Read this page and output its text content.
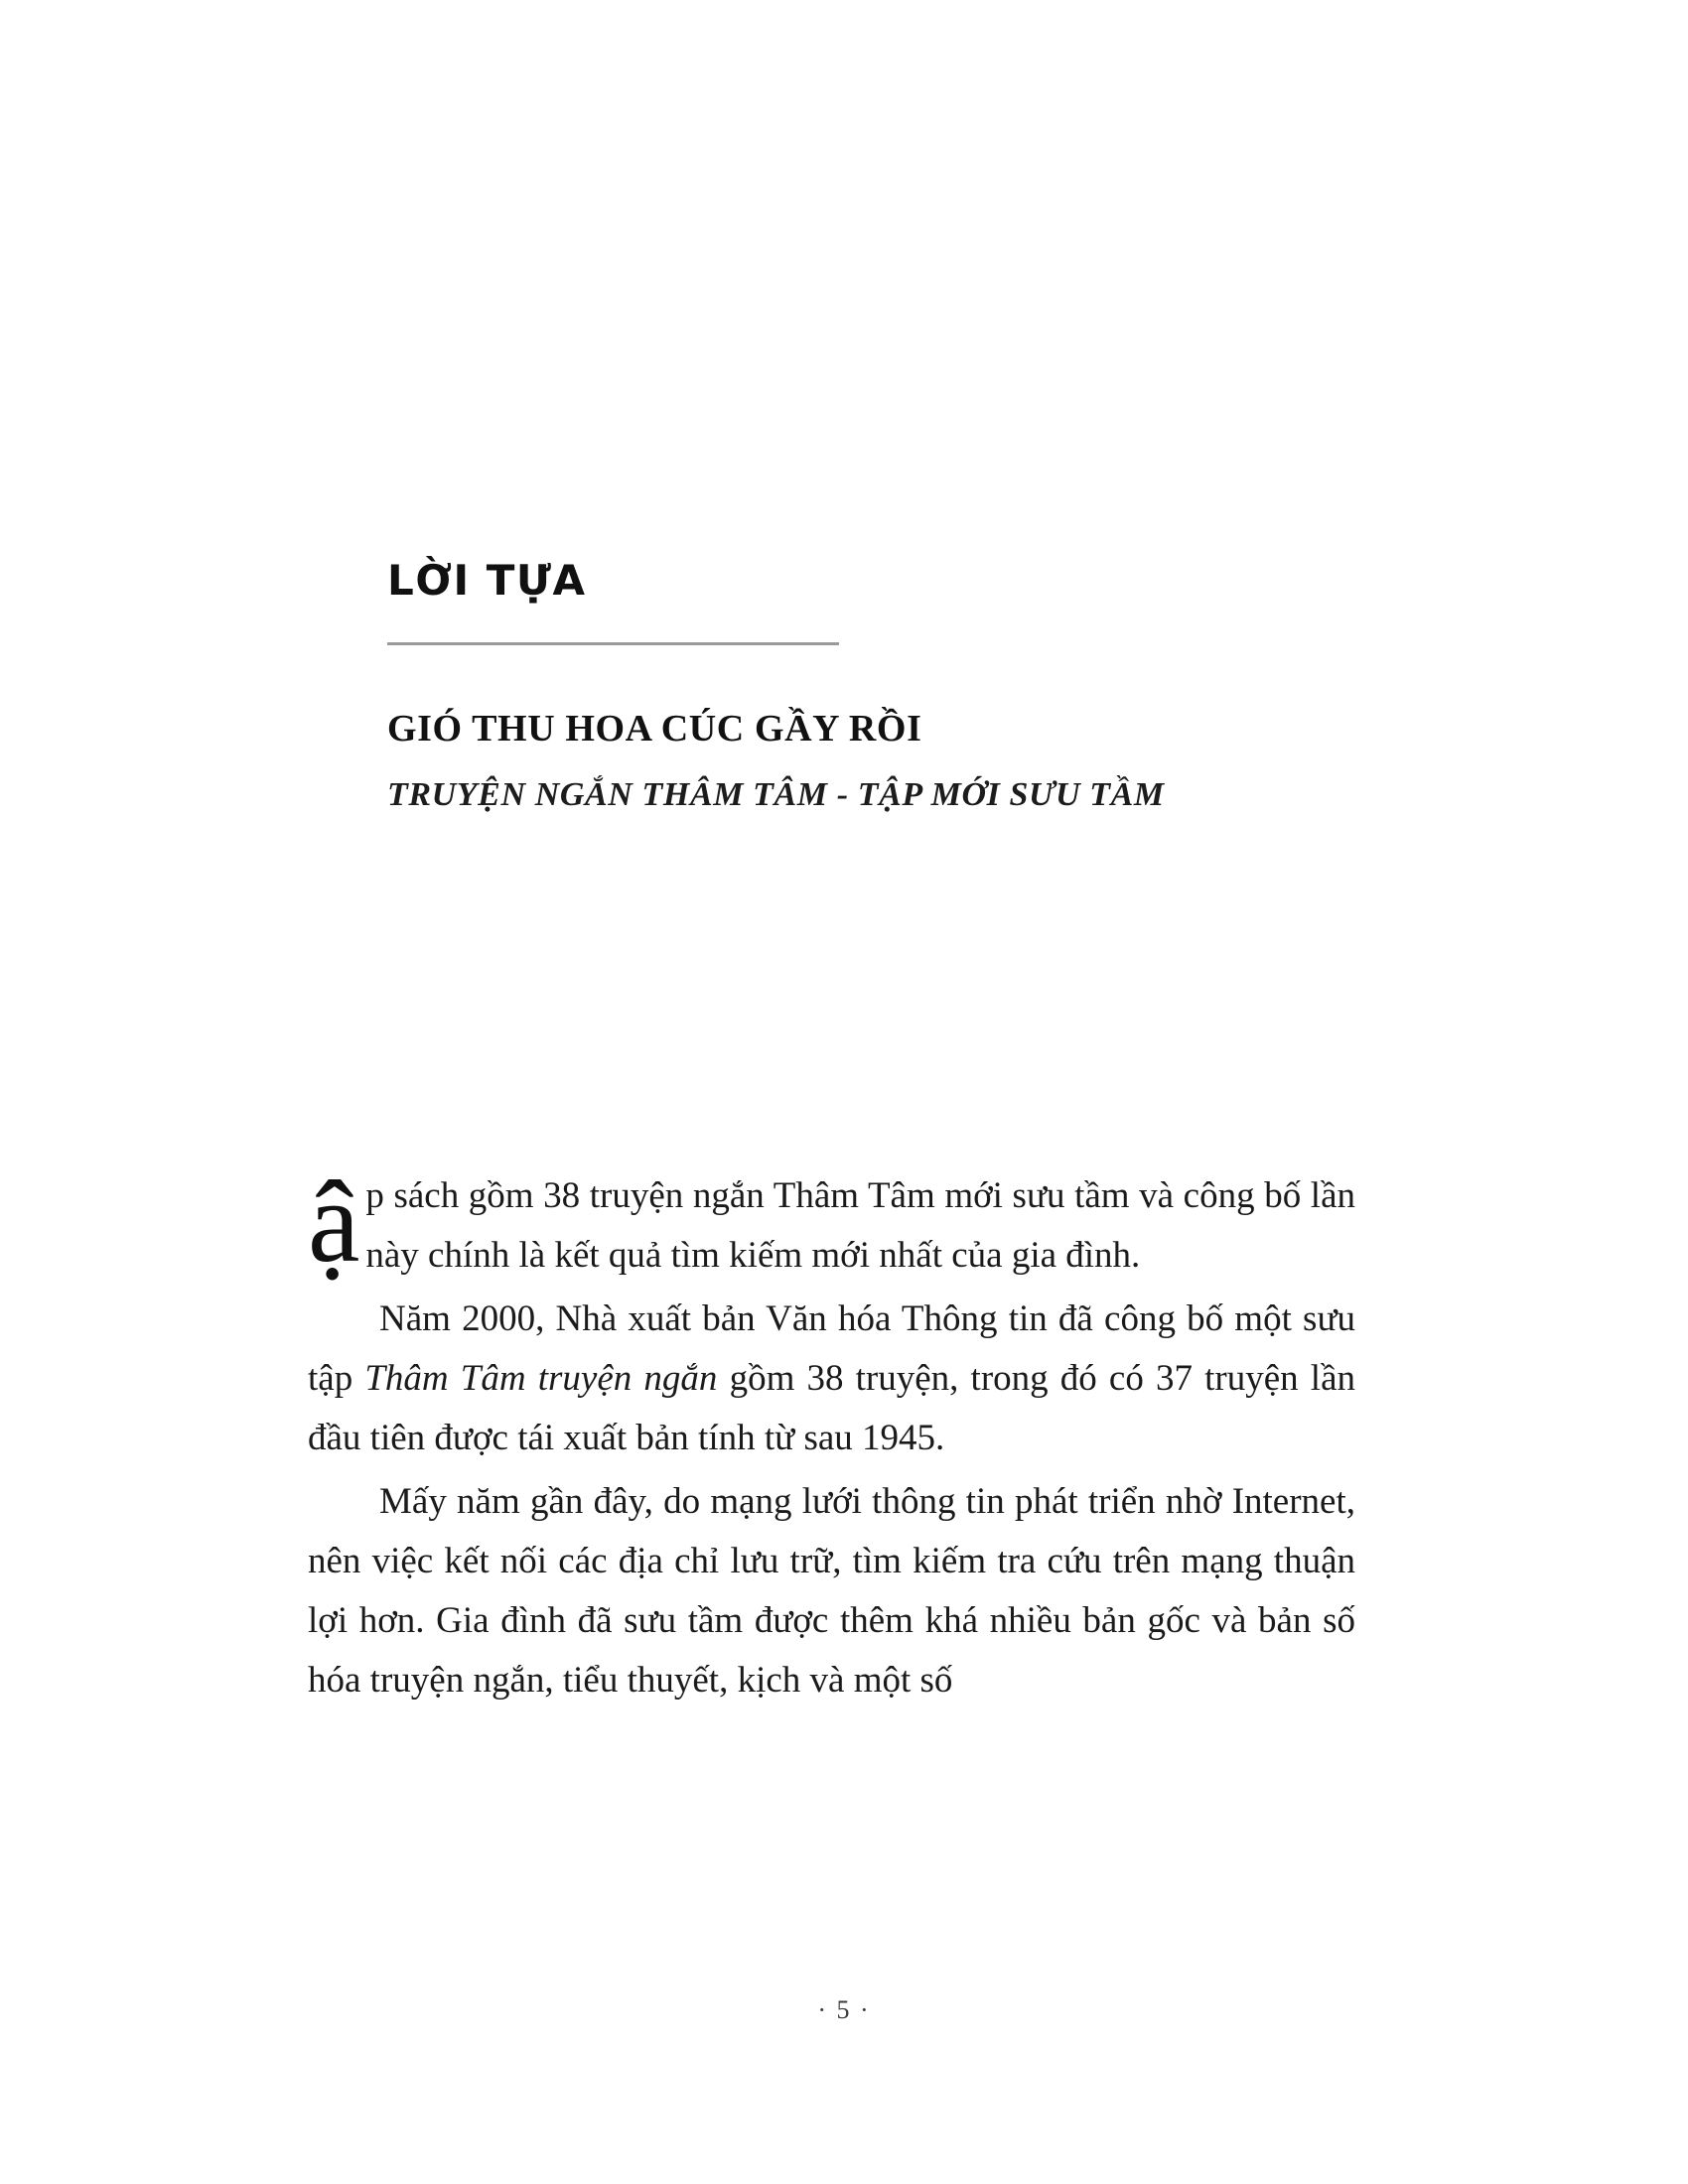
LỜI TỰA
GIÓ THU HOA CÚC GẦY RỒI
TRUYỆN NGẮN THÂM TÂM - TẬP MỚI SƯU TẦM

ập sách gồm 38 truyện ngắn Thâm Tâm mới sưu tầm và công bố lần này chính là kết quả tìm kiếm mới nhất của gia đình.

Năm 2000, Nhà xuất bản Văn hóa Thông tin đã công bố một sưu tập Thâm Tâm truyện ngắn gồm 38 truyện, trong đó có 37 truyện lần đầu tiên được tái xuất bản tính từ sau 1945.

Mấy năm gần đây, do mạng lưới thông tin phát triển nhờ Internet, nên việc kết nối các địa chỉ lưu trữ, tìm kiếm tra cứu trên mạng thuận lợi hơn. Gia đình đã sưu tầm được thêm khá nhiều bản gốc và bản số hóa truyện ngắn, tiểu thuyết, kịch và một số

· 5 ·
